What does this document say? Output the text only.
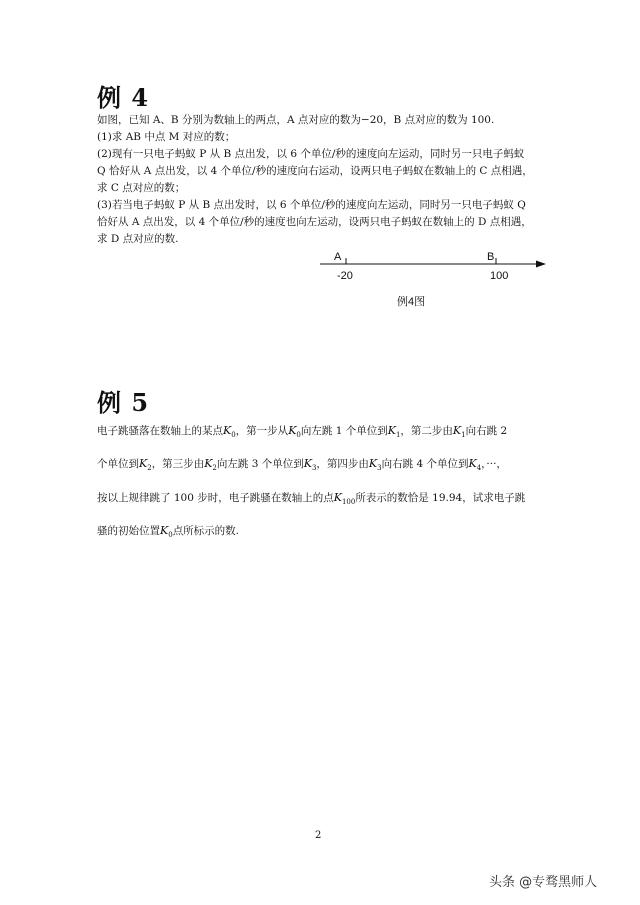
例 4
如图，已知 A、B 分别为数轴上的两点，A 点对应的数为−20，B 点对应的数为 100.
(1)求 AB 中点 M 对应的数；
(2)现有一只电子蚂蚁 P 从 B 点出发，以 6 个单位/秒的速度向左运动，同时另一只电子蚂蚁
Q 恰好从 A 点出发，以 4 个单位/秒的速度向右运动，设两只电子蚂蚁在数轴上的 C 点相遇，
求 C 点对应的数；
(3)若当电子蚂蚁 P 从 B 点出发时，以 6 个单位/秒的速度向左运动，同时另一只电子蚂蚁 Q
恰好从 A 点出发，以 4 个单位/秒的速度也向左运动，设两只电子蚂蚁在数轴上的 D 点相遇，
求 D 点对应的数.
A
-20
B
100
例4图
例 5
电子跳骚落在数轴上的某点$K_0$，第一步从$K_0$向左跳 1 个单位到$K_1$，第二步由$K_1$向右跳 2
个单位到$K_2$，第三步由$K_2$向左跳 3 个单位到$K_3$，第四步由$K_3$向右跳 4 个单位到$K_4$，···，
按以上规律跳了 100 步时，电子跳骚在数轴上的点$K_{100}$所表示的数恰是 19.94，试求电子跳
骚的初始位置$K_0$点所标示的数.
2
头条 @专骛黑师人
